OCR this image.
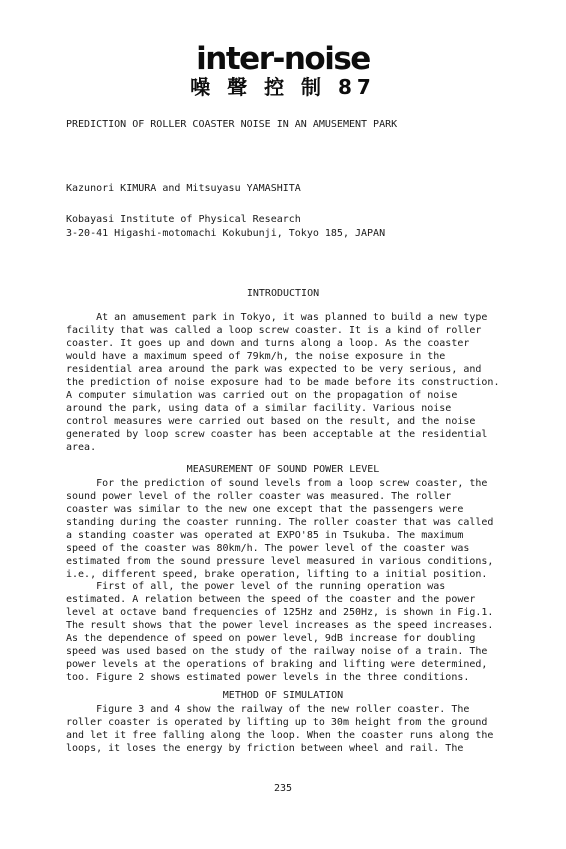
inter-noise
噪 聲 控 制 87

PREDICTION OF ROLLER COASTER NOISE IN AN AMUSEMENT PARK

Kazunori KIMURA and Mitsuyasu YAMASHITA

Kobayasi Institute of Physical Research

3-20-41 Higashi-motomachi Kokubunji, Tokyo 185, JAPAN

INTRODUCTION

At an amusement park in Tokyo, it was planned to build a new type
facility that was called a loop screw coaster. It is a kind of roller
coaster. It goes up and down and turns along a loop. As the coaster
would have a maximum speed of 79km/h, the noise exposure in the
residential area around the park was expected to be very serious, and
the prediction of noise exposure had to be made before its construction.
A computer simulation was carried out on the propagation of noise
around the park, using data of a similar facility. Various noise
control measures were carried out based on the result, and the noise
generated by loop screw coaster has been acceptable at the residential
area.

MEASUREMENT OF SOUND POWER LEVEL

For the prediction of sound levels from a loop screw coaster, the
sound power level of the roller coaster was measured. The roller
coaster was similar to the new one except that the passengers were
standing during the coaster running. The roller coaster that was called
a standing coaster was operated at EXPO'85 in Tsukuba. The maximum
speed of the coaster was 80km/h. The power level of the coaster was
estimated from the sound pressure level measured in various conditions,
i.e., different speed, brake operation, lifting to a initial position.

First of all, the power level of the running operation was
estimated. A relation between the speed of the coaster and the power
level at octave band frequencies of 125Hz and 250Hz, is shown in Fig.1.
The result shows that the power level increases as the speed increases.
As the dependence of speed on power level, 9dB increase for doubling
speed was used based on the study of the railway noise of a train. The
power levels at the operations of braking and lifting were determined,
too. Figure 2 shows estimated power levels in the three conditions.

METHOD OF SIMULATION

Figure 3 and 4 show the railway of the new roller coaster. The
roller coaster is operated by lifting up to 30m height from the ground
and let it free falling along the loop. When the coaster runs along the
loops, it loses the energy by friction between wheel and rail. The

235
